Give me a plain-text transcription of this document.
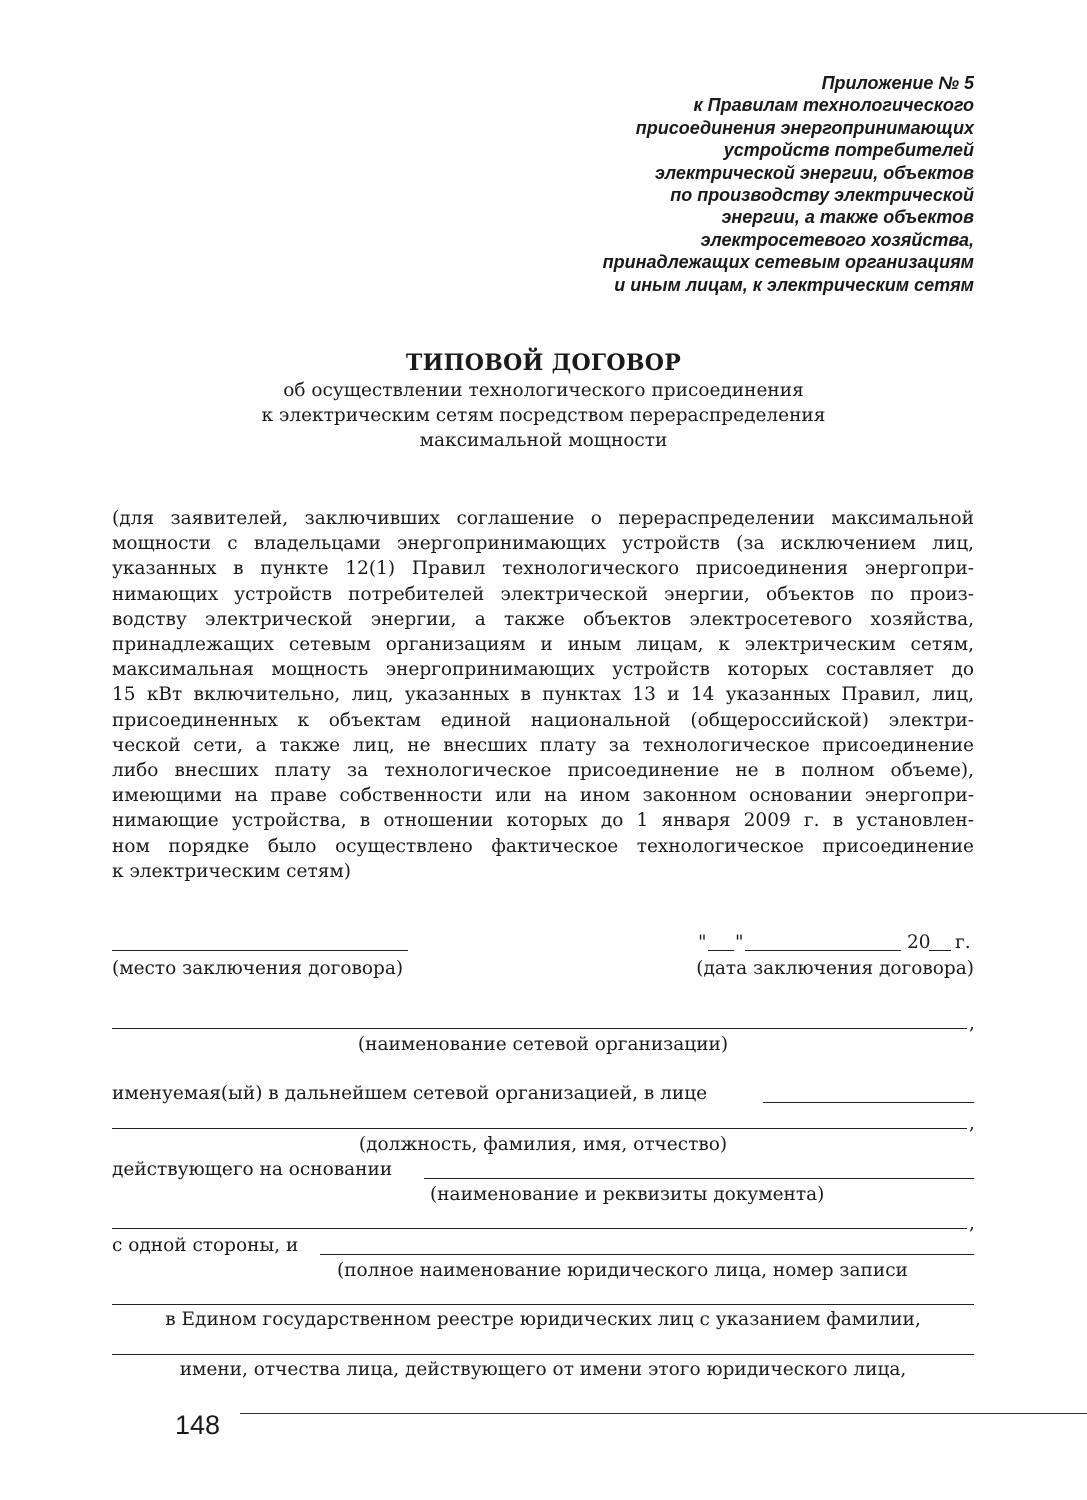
Приложение № 5
к Правилам технологического
присоединения энергопринимающих
устройств потребителей
электрической энергии, объектов
по производству электрической
энергии, а также объектов
электросетевого хозяйства,
принадлежащих сетевым организациям
и иным лицам, к электрическим сетям
ТИПОВОЙ ДОГОВОР
об осуществлении технологического присоединения
к электрическим сетям посредством перераспределения
максимальной мощности
(для заявителей, заключивших соглашение о перераспределении максимальной
мощности с владельцами энергопринимающих устройств (за исключением лиц,
указанных в пункте 12(1) Правил технологического присоединения энергопри-
нимающих устройств потребителей электрической энергии, объектов по произ-
водству электрической энергии, а также объектов электросетевого хозяйства,
принадлежащих сетевым организациям и иным лицам, к электрическим сетям,
максимальная мощность энергопринимающих устройств которых составляет до
15 кВт включительно, лиц, указанных в пунктах 13 и 14 указанных Правил, лиц,
присоединенных к объектам единой национальной (общероссийской) электри-
ческой сети, а также лиц, не внесших плату за технологическое присоединение
либо внесших плату за технологическое присоединение не в полном объеме),
имеющими на праве собственности или на ином законном основании энергопри-
нимающие устройства, в отношении которых до 1 января 2009 г. в установлен-
ном порядке было осуществлено фактическое технологическое присоединение
к электрическим сетям)
" "	20 г.
(место заключения договора)	(дата заключения договора)
,
(наименование сетевой организации)
именуемая(ый) в дальнейшем сетевой организацией, в лице
,
(должность, фамилия, имя, отчество)
действующего на основании
(наименование и реквизиты документа)
,
с одной стороны, и
(полное наименование юридического лица, номер записи
в Едином государственном реестре юридических лиц с указанием фамилии,
имени, отчества лица, действующего от имени этого юридического лица,
148
